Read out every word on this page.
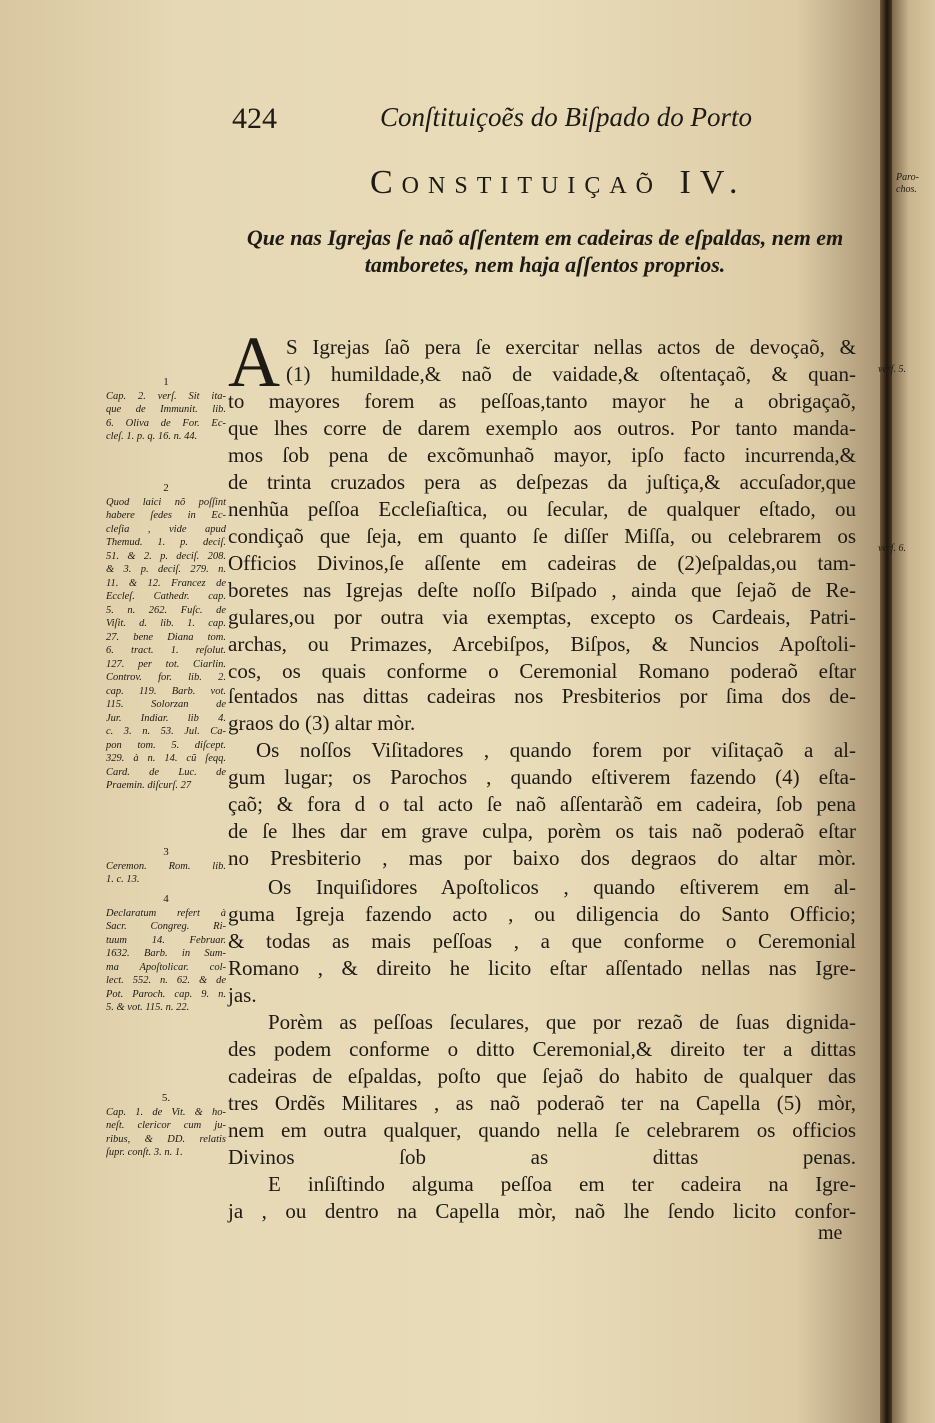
424	Conſtituiçoẽs do Biſpado do Porto
Constituiçaõ IV.
Que nas Igrejas ſe naõ aſſentem em cadeiras de eſpaldas, nem em
tamboretes, nem haja aſſentos proprios.
A S Igrejas ſaõ pera ſe exercitar nellas actos de devoçaõ, &
(1) humildade,& naõ de vaidade,& oſtentaçaõ, & quan-
to mayores forem as peſſoas,tanto mayor he a obrigaçaõ,
que lhes corre de darem exemplo aos outros. Por tanto manda-
mos ſob pena de excõmunhaõ mayor, ipſo facto incurrenda,&
de trinta cruzados pera as deſpezas da juſtiça,& accuſador,que
nenhũa peſſoa Eccleſiaſtica, ou ſecular, de qualquer eſtado, ou
condiçaõ que ſeja, em quanto ſe diſſer Miſſa, ou celebrarem os
Officios Divinos,ſe aſſente em cadeiras de (2)eſpaldas,ou tam-
boretes nas Igrejas deſte noſſo Biſpado , ainda que ſejaõ de Re-
gulares,ou por outra via exemptas, excepto os Cardeais, Patri-
archas, ou Primazes, Arcebiſpos, Biſpos, & Nuncios Apoſtoli-
cos, os quais conforme o Ceremonial Romano poderaõ eſtar
ſentados nas dittas cadeiras nos Presbiterios por ſima dos de-
graos do (3) altar mòr.
Os noſſos Viſitadores , quando forem por viſitaçaõ a al-
gum lugar; os Parochos , quando eſtiverem fazendo (4) eſta-
çaõ; & fora d o tal acto ſe naõ aſſentaràõ em cadeira, ſob pena
de ſe lhes dar em grave culpa, porèm os tais naõ poderaõ eſtar
no Presbiterio , mas por baixo dos degraos do altar mòr.
Os Inquiſidores Apoſtolicos , quando eſtiverem em al-
guma Igreja fazendo acto , ou diligencia do Santo Officio;
& todas as mais peſſoas , a que conforme o Ceremonial
Romano , & direito he licito eſtar aſſentado nellas nas Igre-
jas.
Porèm as peſſoas ſeculares, que por rezaõ de ſuas dignida-
des podem conforme o ditto Ceremonial,& direito ter a dittas
cadeiras de eſpaldas, poſto que ſejaõ do habito de qualquer das
tres Ordẽs Militares , as naõ poderaõ ter na Capella (5) mòr,
nem em outra qualquer, quando nella ſe celebrarem os officios
Divinos ſob as dittas penas.
E inſiſtindo alguma peſſoa em ter cadeira na Igre-
ja , ou dentro na Capella mòr, naõ lhe ſendo licito confor-
1
Cap. 2. verſ. Sit ita-
que de Immunit. lib.
6. Oliva de For. Ec-
cleſ. 1. p. q. 16. n. 44.
2
Quod laici nõ poſſint
habere ſedes in Ec-
cleſia , vide apud
Themud. 1. p. deciſ.
51. & 2. p. deciſ. 208.
& 3. p. deciſ. 279. n.
11. & 12. Francez de
Eccleſ. Cathedr. cap.
5. n. 262. Fuſc. de
Viſit. d. lib. 1. cap.
27. bene Diana tom.
6. tract. 1. reſolut.
127. per tot. Ciarlin.
Controv. for. lib. 2.
cap. 119. Barb. vot.
115. Solorzan de
Jur. Indiar. lib 4.
c. 3. n. 53. Jul. Ca-
pon tom. 5. diſcept.
329. à n. 14. cũ ſeqq.
Card. de Luc. de
Praemin. diſcurſ. 27
3
Ceremon. Rom. lib.
1. c. 13.
4
Declaratum refert à
Sacr. Congreg. Ri-
tuum 14. Februar.
1632. Barb. in Sum-
ma Apoſtolicar. col-
lect. 552. n. 62. & de
Pot. Paroch. cap. 9. n.
5. & vot. 115. n. 22.
5.
Cap. 1. de Vit. & ho-
neſt. clericor cum ju-
ribus, & DD. relatis
ſupr. conſt. 3. n. 1.
Paro-chos.
verſ. 5.
verſ. 6.
me
